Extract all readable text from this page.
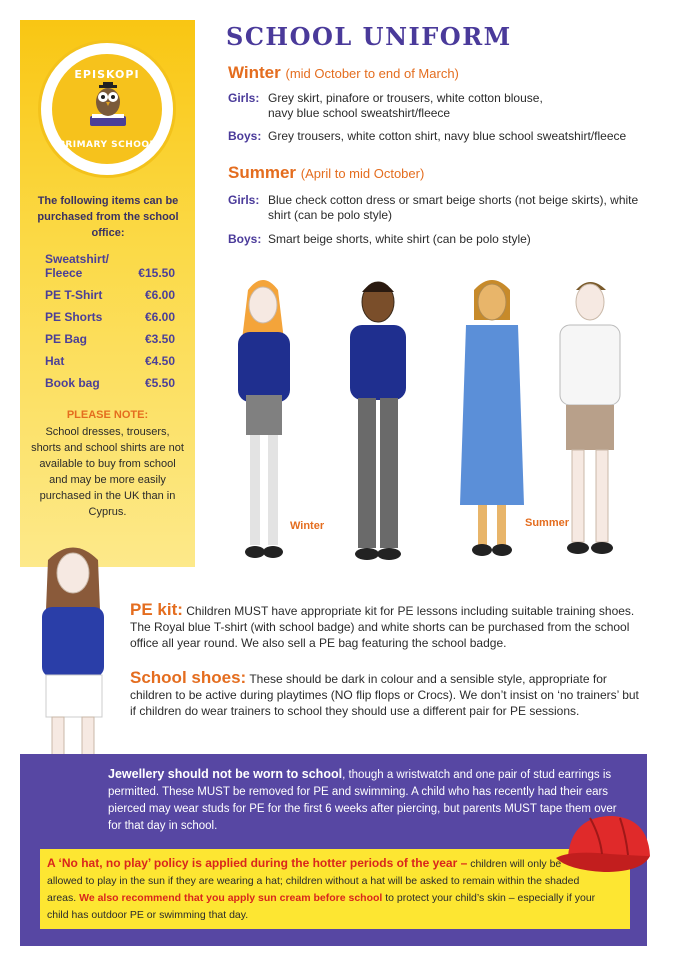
EPISKOPI
PRIMARY SCHOOL
The following items can be purchased from the school office:
Sweatshirt/ Fleece	€15.50
PE T-Shirt	€6.00
PE Shorts	€6.00
PE Bag	€3.50
Hat	€4.50
Book bag	€5.50
PLEASE NOTE:
School dresses, trousers, shorts and school shirts are not available to buy from school and may be more easily purchased in the UK than in Cyprus.
SCHOOL UNIFORM
Winter (mid October to end of March)
Girls: Grey skirt, pinafore or trousers, white cotton blouse, navy blue school sweatshirt/fleece
Boys: Grey trousers, white cotton shirt, navy blue school sweatshirt/fleece
Summer (April to mid October)
Girls: Blue check cotton dress or smart beige shorts (not beige skirts), white shirt (can be polo style)
Boys: Smart beige shorts, white shirt (can be polo style)
Winter	Summer
PE kit: Children MUST have appropriate kit for PE lessons including suitable training shoes. The Royal blue T-shirt (with school badge) and white shorts can be purchased from the school office all year round. We also sell a PE bag featuring the school badge.
School shoes: These should be dark in colour and a sensible style, appropriate for children to be active during playtimes (NO flip flops or Crocs). We don’t insist on ‘no trainers’ but if children do wear trainers to school they should use a different pair for PE sessions.
Jewellery should not be worn to school, though a wristwatch and one pair of stud earrings is permitted. These MUST be removed for PE and swimming. A child who has recently had their ears pierced may wear studs for PE for the first 6 weeks after piercing, but parents MUST tape them over for that day in school.
A ‘No hat, no play’ policy is applied during the hotter periods of the year – children will only be allowed to play in the sun if they are wearing a hat; children without a hat will be asked to remain within the shaded areas. We also recommend that you apply sun cream before school to protect your child’s skin – especially if your child has outdoor PE or swimming that day.
